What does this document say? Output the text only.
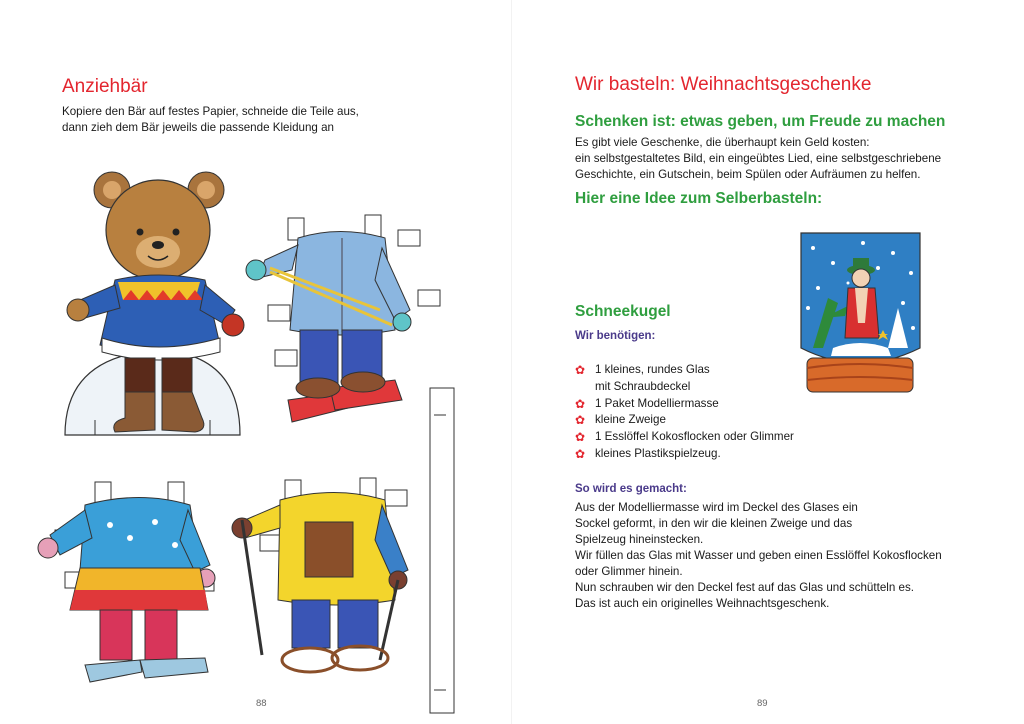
Anziehbär

Kopiere den Bär auf festes Papier, schneide die Teile aus,

dann zieh dem Bär jeweils die passende Kleidung an

88
Wir basteln: Weihnachtsgeschenke
Schenken ist: etwas geben, um Freude zu machen

Es gibt viele Geschenke, die überhaupt kein Geld kosten:

ein selbstgestaltetes Bild, ein eingeübtes Lied, eine selbstgeschriebene

Geschichte, ein Gutschein, beim Spülen oder Aufräumen zu helfen.

Hier eine Idee zum Selberbasteln:
Schneekugel

Wir benötigen:

✿ 1 kleines, rundes Glas
mit Schraubdeckel
✿ 1 Paket Modelliermasse
✿ kleine Zweige
✿ 1 Esslöffel Kokosflocken oder Glimmer
✿ kleines Plastikspielzeug.

So wird es gemacht:

Aus der Modelliermasse wird im Deckel des Glases ein

Sockel geformt, in den wir die kleinen Zweige und das

Spielzeug hineinstecken.

Wir füllen das Glas mit Wasser und geben einen Esslöffel Kokosflocken

oder Glimmer hinein.

Nun schrauben wir den Deckel fest auf das Glas und schütteln es.

Das ist auch ein originelles Weihnachtsgeschenk.

89
